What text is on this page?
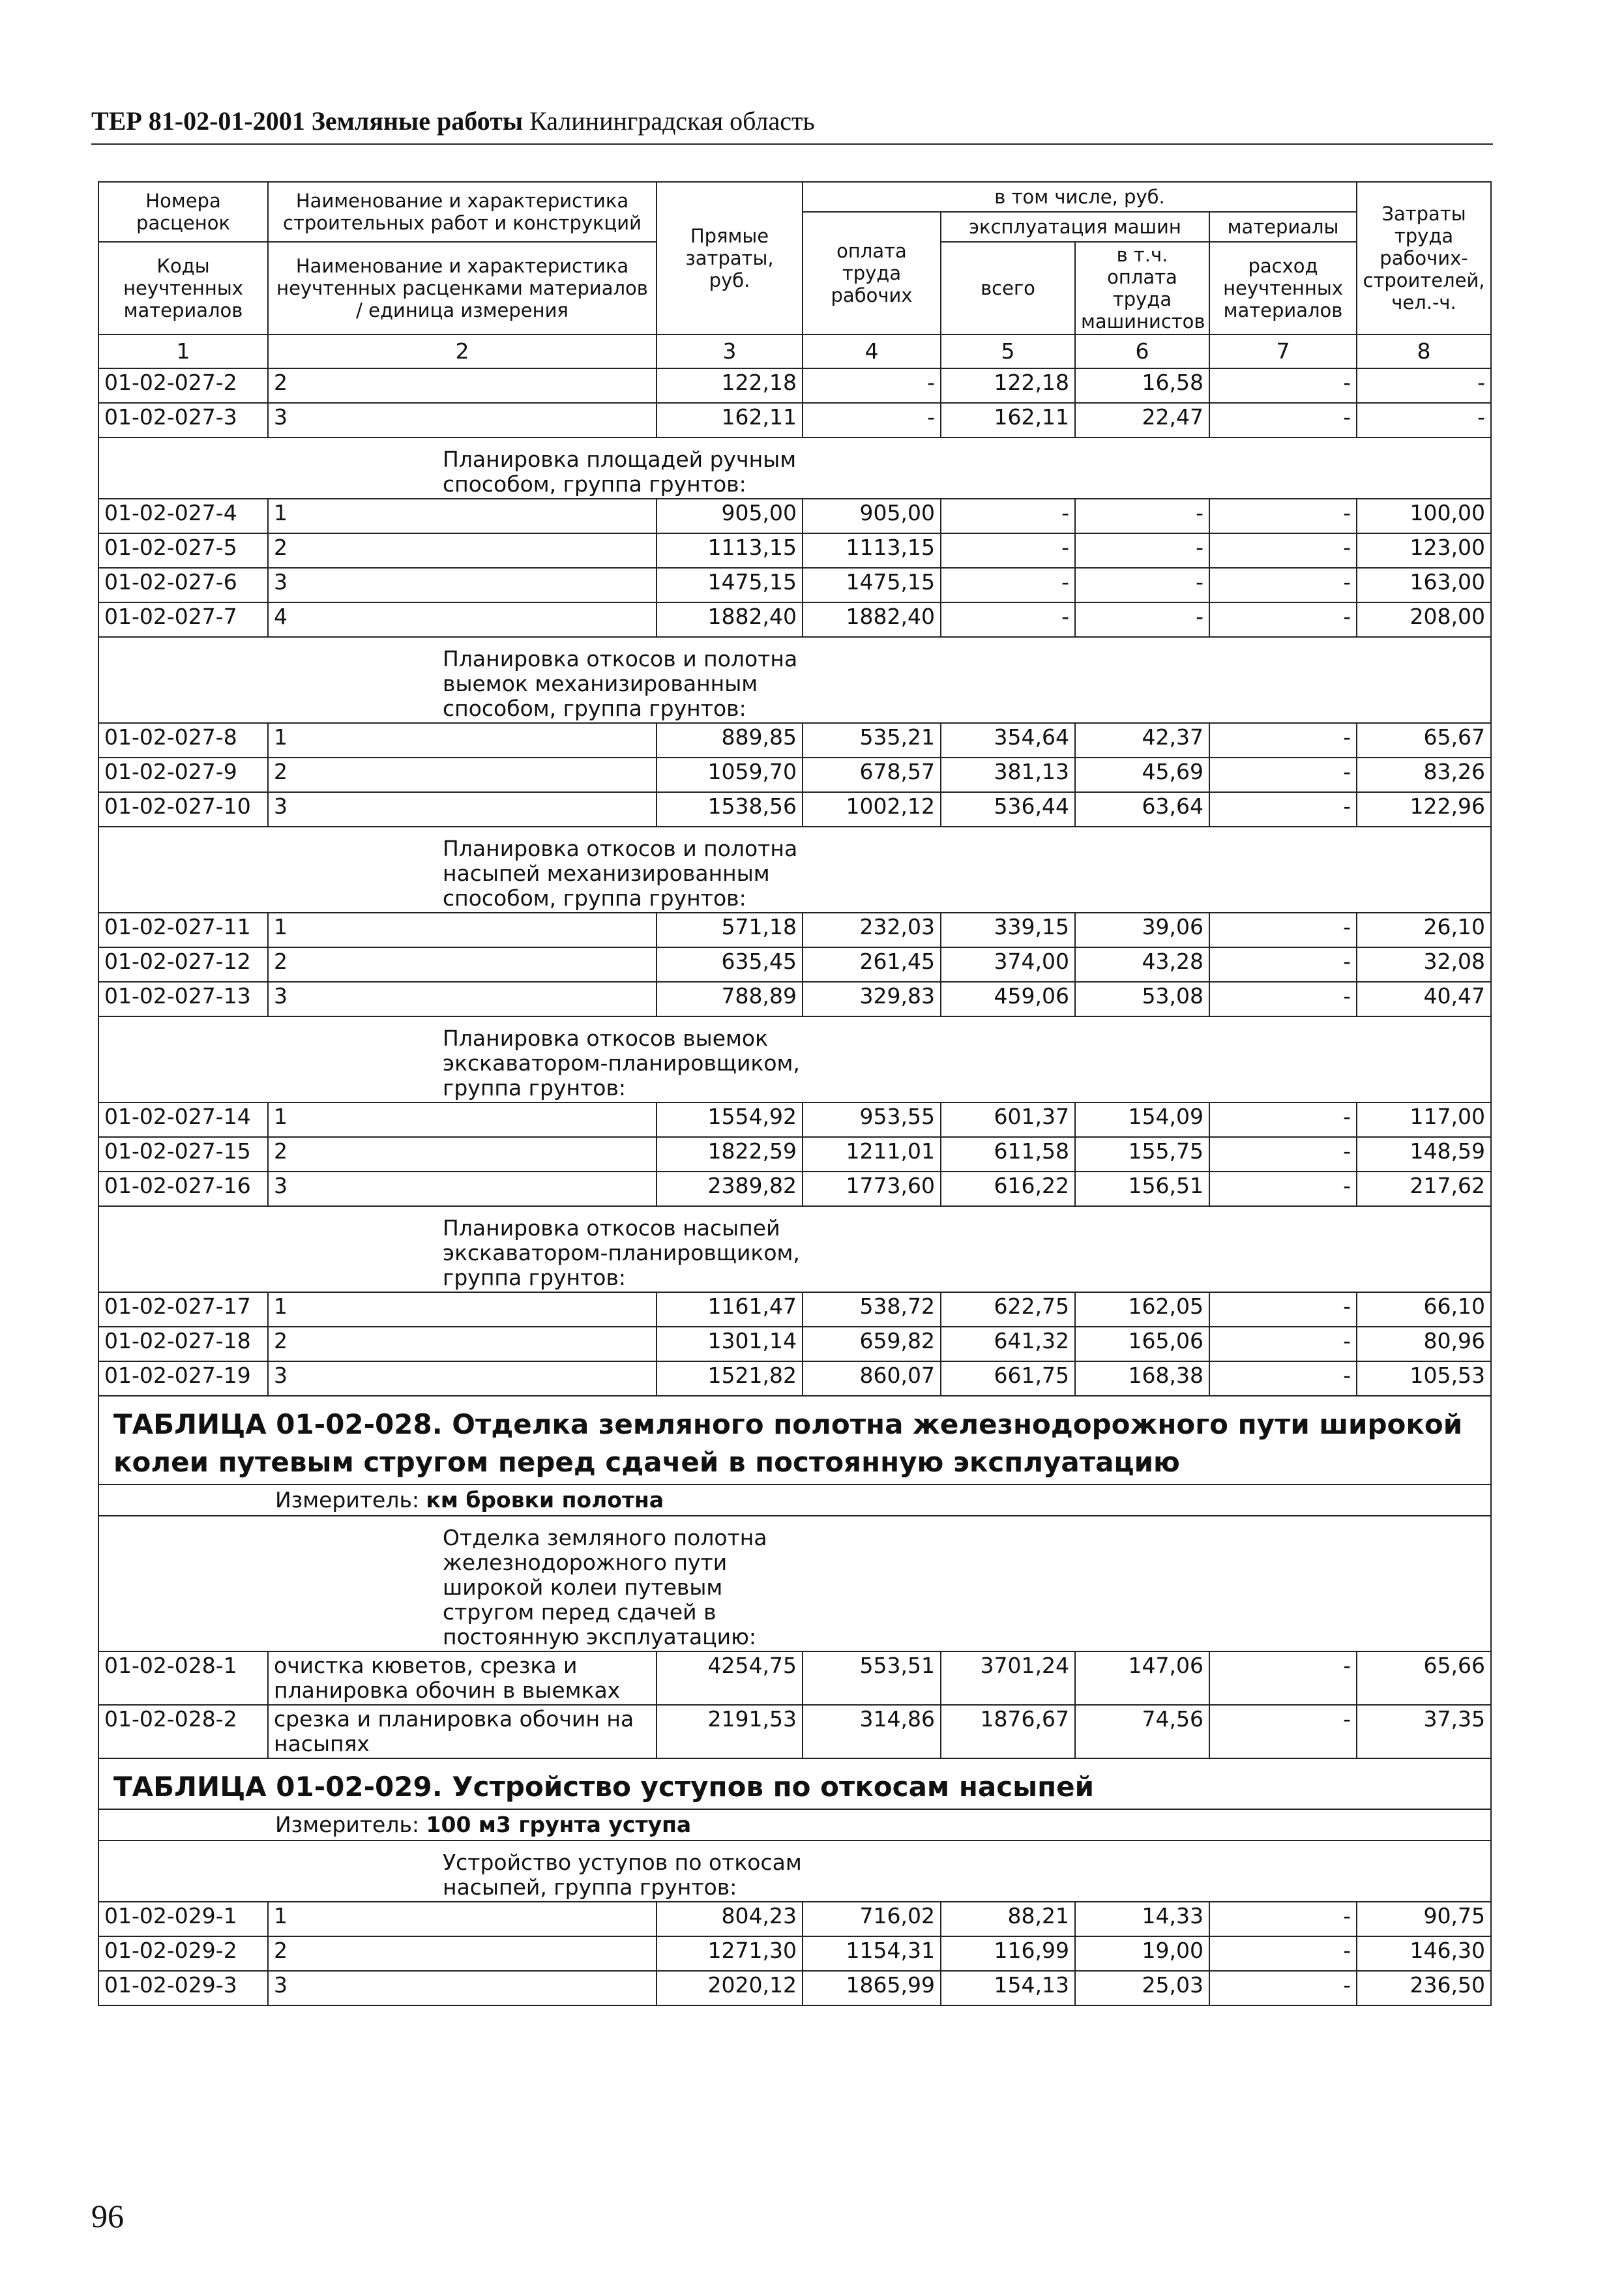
ТЕР 81-02-01-2001 Земляные работы Калининградская область
Номера расценок	Наименование и характеристика строительных работ и конструкций	Прямые затраты, руб.	в том числе, руб.				Затраты труда рабочих-строителей, чел.-ч.
			оплата труда рабочих	эксплуатация машин		материалы	
Коды неучтенных материалов	Наименование и характеристика неучтенных расценками материалов / единица измерения			всего	в т.ч. оплата труда машинистов	расход неучтенных материалов	

1	2	3	4	5	6	7	8
01-02-027-2	2	122,18	-	122,18	16,58	-	-
01-02-027-3	3	162,11	-	162,11	22,47	-	-

	Планировка площадей ручным способом, группа грунтов:						

01-02-027-4	1	905,00	905,00	-	-	-	100,00
01-02-027-5	2	1113,15	1113,15	-	-	-	123,00
01-02-027-6	3	1475,15	1475,15	-	-	-	163,00
01-02-027-7	4	1882,40	1882,40	-	-	-	208,00

	Планировка откосов и полотна выемок механизированным способом, группа грунтов:						

01-02-027-8	1	889,85	535,21	354,64	42,37	-	65,67
01-02-027-9	2	1059,70	678,57	381,13	45,69	-	83,26
01-02-027-10	3	1538,56	1002,12	536,44	63,64	-	122,96

	Планировка откосов и полотна насыпей механизированным способом, группа грунтов:						

01-02-027-11	1	571,18	232,03	339,15	39,06	-	26,10
01-02-027-12	2	635,45	261,45	374,00	43,28	-	32,08
01-02-027-13	3	788,89	329,83	459,06	53,08	-	40,47

	Планировка откосов выемок экскаватором-планировщиком, группа грунтов:						

01-02-027-14	1	1554,92	953,55	601,37	154,09	-	117,00
01-02-027-15	2	1822,59	1211,01	611,58	155,75	-	148,59
01-02-027-16	3	2389,82	1773,60	616,22	156,51	-	217,62

	Планировка откосов насыпей экскаватором-планировщиком, группа грунтов:						

01-02-027-17	1	1161,47	538,72	622,75	162,05	-	66,10
01-02-027-18	2	1301,14	659,82	641,32	165,06	-	80,96
01-02-027-19	3	1521,82	860,07	661,75	168,38	-	105,53
ТАБЛИЦА 01-02-028. Отделка земляного полотна железнодорожного пути широкой колеи путевым стругом перед сдачей в постоянную эксплуатацию							
Измеритель: км бровки полотна							

	Отделка земляного полотна железнодорожного пути широкой колеи путевым стругом перед сдачей в постоянную эксплуатацию:						

01-02-028-1	очистка кюветов, срезка и планировка обочин в выемках	4254,75	553,51	3701,24	147,06	-	65,66
01-02-028-2	срезка и планировка обочин на насыпях	2191,53	314,86	1876,67	74,56	-	37,35
ТАБЛИЦА 01-02-029. Устройство уступов по откосам насыпей							
Измеритель: 100 м3 грунта уступа							

	Устройство уступов по откосам насыпей, группа грунтов:						

01-02-029-1	1	804,23	716,02	88,21	14,33	-	90,75
01-02-029-2	2	1271,30	1154,31	116,99	19,00	-	146,30
01-02-029-3	3	2020,12	1865,99	154,13	25,03	-	236,50
96
